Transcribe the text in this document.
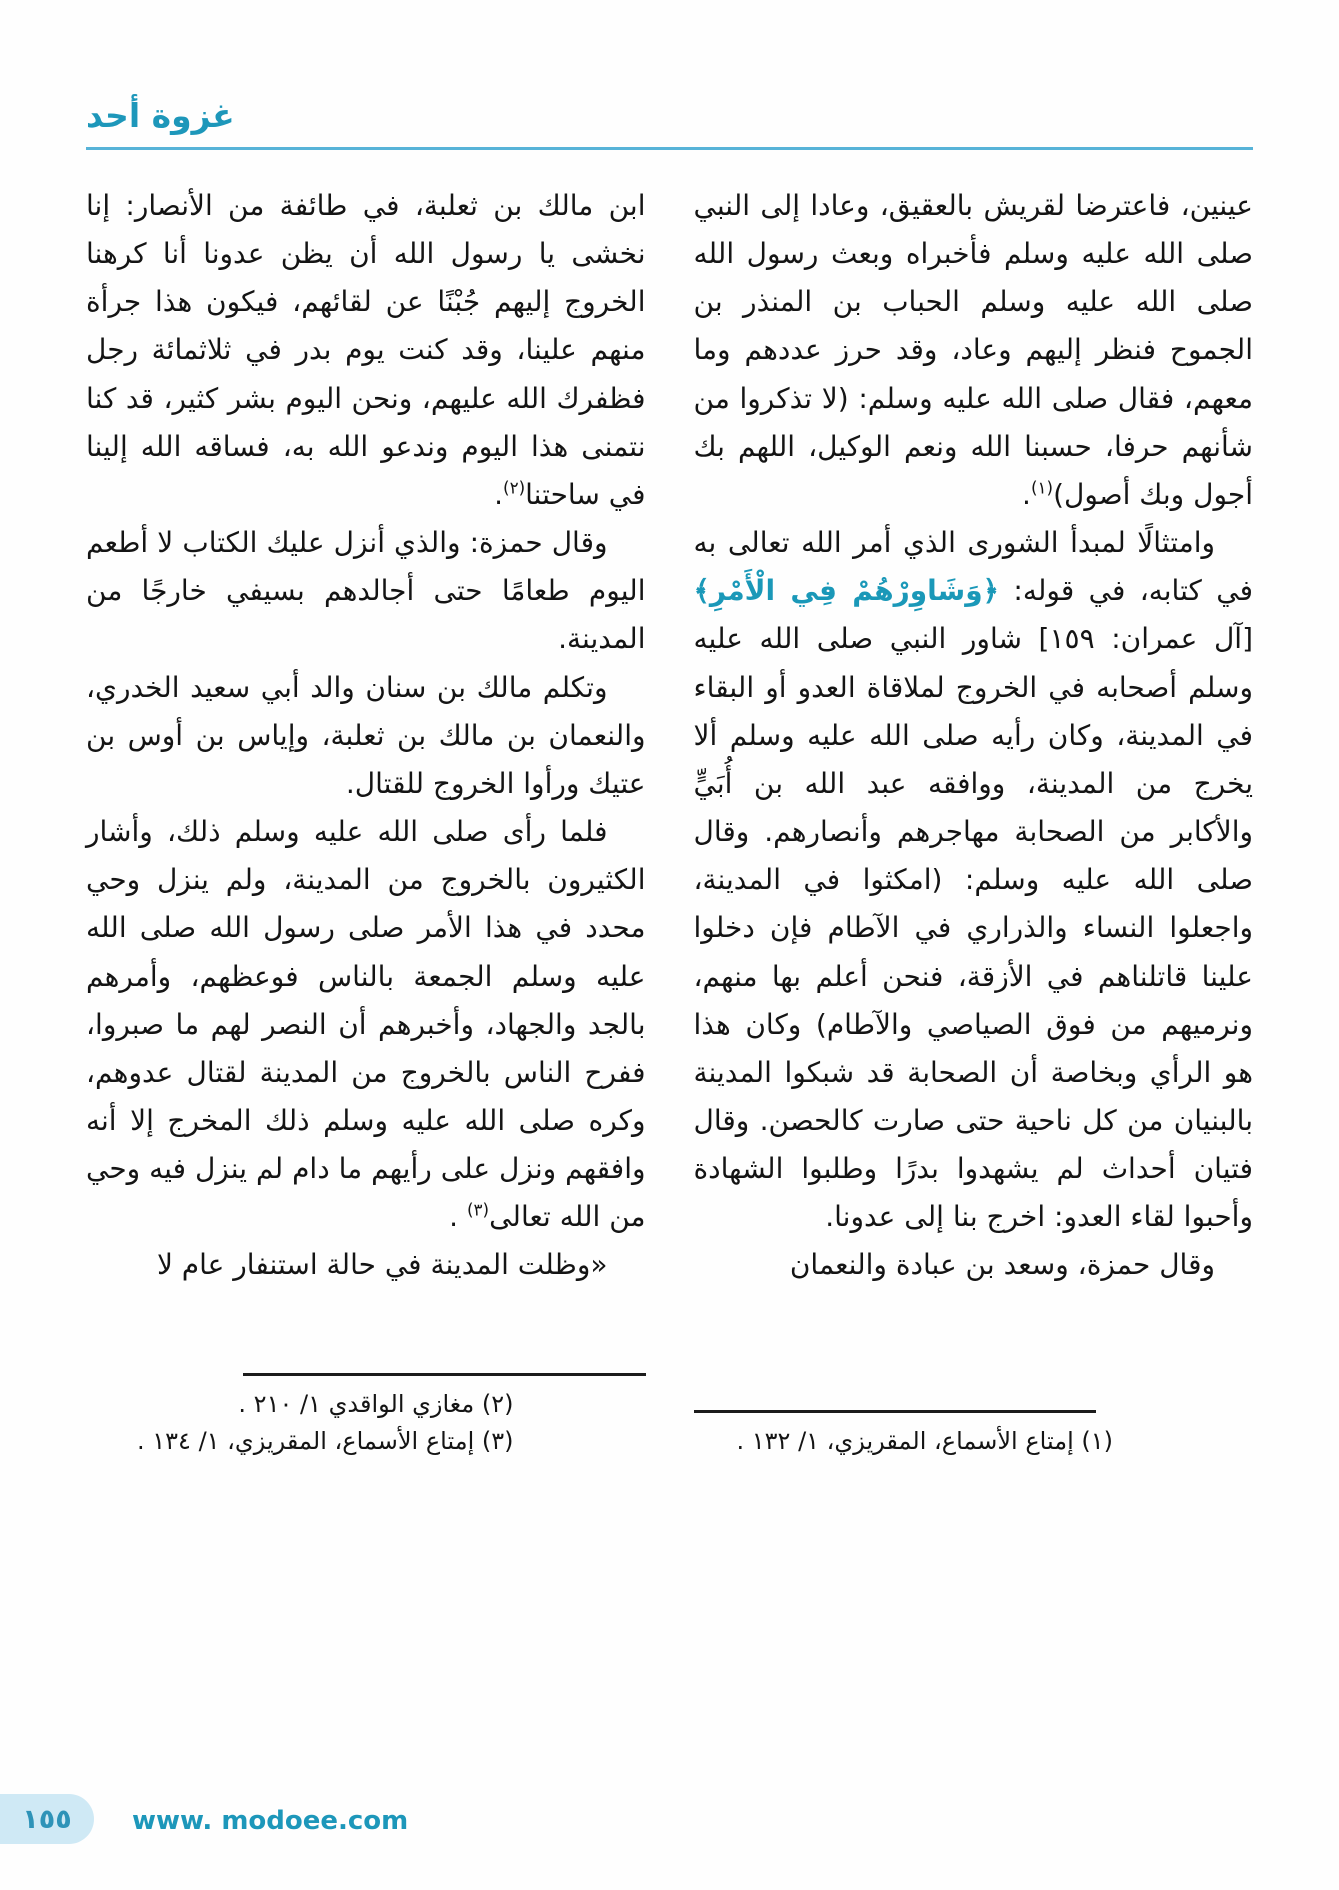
غزوة أحد

عينين، فاعترضا لقريش بالعقيق، وعادا إلى النبي صلى الله عليه وسلم فأخبراه وبعث رسول الله صلى الله عليه وسلم الحباب بن المنذر بن الجموح فنظر إليهم وعاد، وقد حرز عددهم وما معهم، فقال صلى الله عليه وسلم: (لا تذكروا من شأنهم حرفا، حسبنا الله ونعم الوكيل، اللهم بك أجول وبك أصول)$^{(١)}$.

وامتثالًا لمبدأ الشورى الذي أمر الله تعالى به في كتابه، في قوله: ﴿وَشَاوِرْهُمْ فِي الْأَمْرِ﴾ [آل عمران: ١٥٩] شاور النبي صلى الله عليه وسلم أصحابه في الخروج لملاقاة العدو أو البقاء في المدينة، وكان رأيه صلى الله عليه وسلم ألا يخرج من المدينة، ووافقه عبد الله بن أُبَيٍّ والأكابر من الصحابة مهاجرهم وأنصارهم. وقال صلى الله عليه وسلم: (امكثوا في المدينة، واجعلوا النساء والذراري في الآطام فإن دخلوا علينا قاتلناهم في الأزقة، فنحن أعلم بها منهم، ونرميهم من فوق الصياصي والآطام) وكان هذا هو الرأي وبخاصة أن الصحابة قد شبكوا المدينة بالبنيان من كل ناحية حتى صارت كالحصن. وقال فتيان أحداث لم يشهدوا بدرًا وطلبوا الشهادة وأحبوا لقاء العدو: اخرج بنا إلى عدونا.

وقال حمزة، وسعد بن عبادة والنعمان

(١) إمتاع الأسماع، المقريزي، ١/ ١٣٢ .

ابن مالك بن ثعلبة، في طائفة من الأنصار: إنا نخشى يا رسول الله أن يظن عدونا أنا كرهنا الخروج إليهم جُبْنًا عن لقائهم، فيكون هذا جرأة منهم علينا، وقد كنت يوم بدر في ثلاثمائة رجل فظفرك الله عليهم، ونحن اليوم بشر كثير، قد كنا نتمنى هذا اليوم وندعو الله به، فساقه الله إلينا في ساحتنا$^{(٢)}$.

وقال حمزة: والذي أنزل عليك الكتاب لا أطعم اليوم طعامًا حتى أجالدهم بسيفي خارجًا من المدينة.

وتكلم مالك بن سنان والد أبي سعيد الخدري، والنعمان بن مالك بن ثعلبة، وإياس بن أوس بن عتيك ورأوا الخروج للقتال.

فلما رأى صلى الله عليه وسلم ذلك، وأشار الكثيرون بالخروج من المدينة، ولم ينزل وحي محدد في هذا الأمر صلى رسول الله صلى الله عليه وسلم الجمعة بالناس فوعظهم، وأمرهم بالجد والجهاد، وأخبرهم أن النصر لهم ما صبروا، ففرح الناس بالخروج من المدينة لقتال عدوهم، وكره صلى الله عليه وسلم ذلك المخرج إلا أنه وافقهم ونزل على رأيهم ما دام لم ينزل فيه وحي من الله تعالى$^{(٣)}$ .

«وظلت المدينة في حالة استنفار عام لا

(٢) مغازي الواقدي ١/ ٢١٠ .

(٣) إمتاع الأسماع، المقريزي، ١/ ١٣٤ .

١٥٥ www. modoee.com
